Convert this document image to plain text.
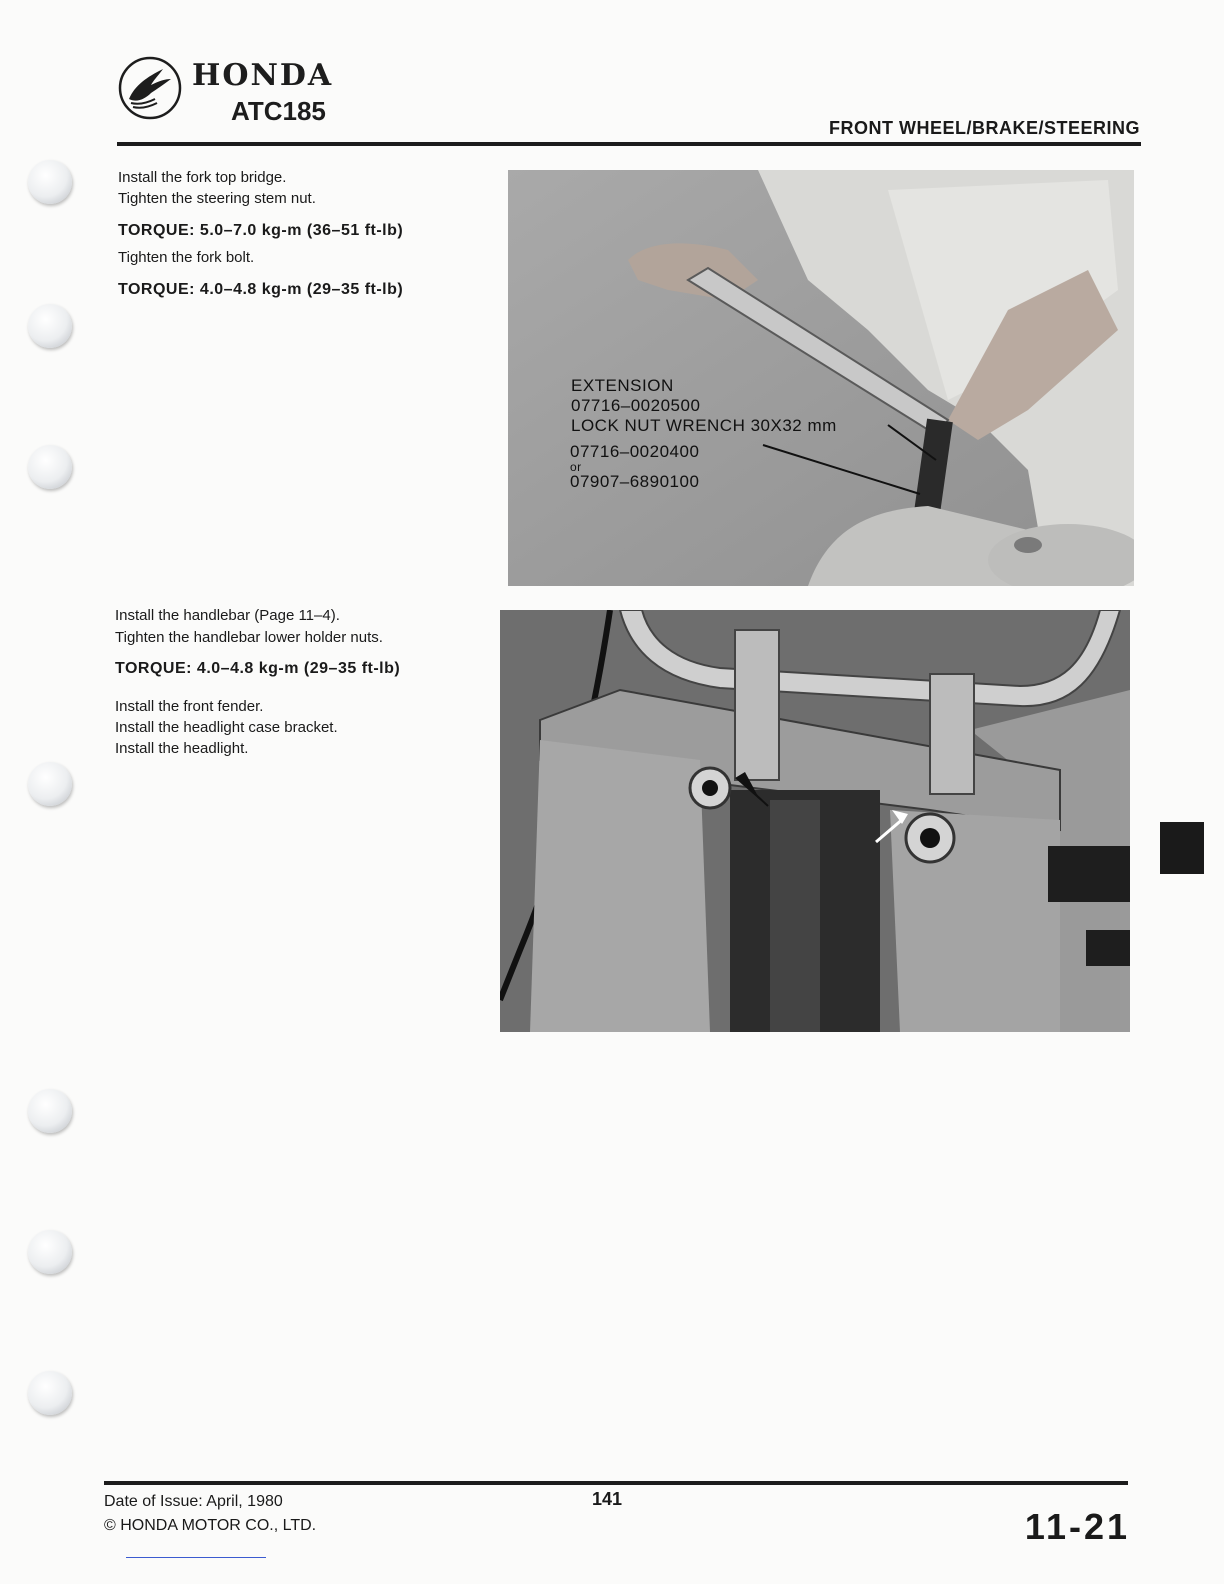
HONDA
ATC185
FRONT WHEEL/BRAKE/STEERING

Install the fork top bridge.

Tighten the steering stem nut.

TORQUE: 5.0–7.0 kg-m (36–51 ft-lb)

Tighten the fork bolt.

TORQUE: 4.0–4.8 kg-m (29–35 ft-lb)

Install the handlebar (Page 11–4).

Tighten the handlebar lower holder nuts.

TORQUE: 4.0–4.8 kg-m (29–35 ft-lb)

Install the front fender.

Install the headlight case bracket.

Install the headlight.

EXTENSION
07716–0020500
LOCK NUT WRENCH 30X32 mm
07716–0020400
or
07907–6890100
Date of Issue: April, 1980
© HONDA MOTOR CO., LTD.
141
11-21
